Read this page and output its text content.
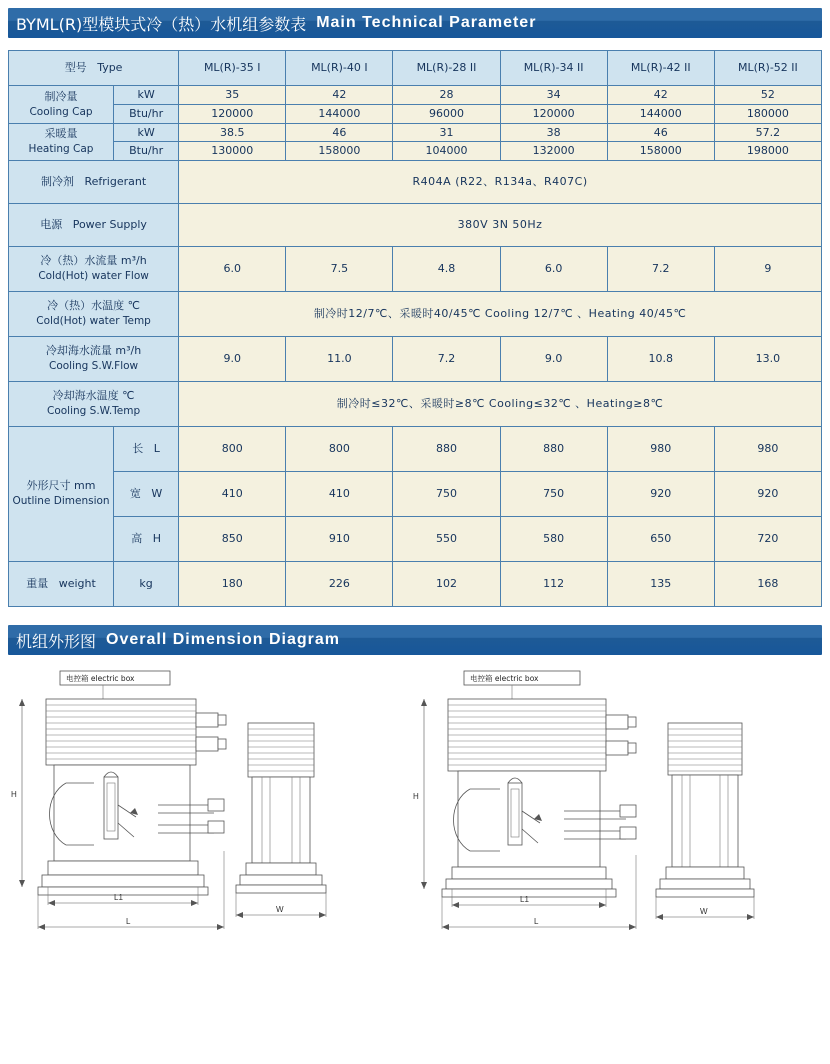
BYML(R)型模块式冷（热）水机组参数表 Main Technical Parameter
型号 Type		ML(R)-35 I	ML(R)-40 I	ML(R)-28 II	ML(R)-34 II	ML(R)-42 II	ML(R)-52 II

制冷量
Cooling Cap	kW	35	42	28	34	42	52
	Btu/hr	120000	144000	96000	120000	144000	180000

采暖量
Heating Cap	kW	38.5	46	31	38	46	57.2
	Btu/hr	130000	158000	104000	132000	158000	198000
制冷剂 Refrigerant		R404A (R22、R134a、R407C)					
电源 Power Supply		380V 3N 50Hz					

冷（热）水流量 m³/h
Cold(Hot) water Flow		6.0	7.5	4.8	6.0	7.2	9

冷（热）水温度 ℃
Cold(Hot) water Temp		制冷时12/7℃、采暖时40/45℃ Cooling 12/7℃ 、Heating 40/45℃					

冷却海水流量 m³/h
Cooling S.W.Flow		9.0	11.0	7.2	9.0	10.8	13.0

冷却海水温度 ℃
Cooling S.W.Temp		制冷时≤32℃、采暖时≥8℃ Cooling≤32℃ 、Heating≥8℃					

外形尺寸 mm
Outline Dimension	长 L	800	800	880	880	980	980
	宽 W	410	410	750	750	920	920
	高 H	850	910	550	580	650	720
重量 weight	kg	180	226	102	112	135	168
机组外形图 Overall Dimension Diagram
电控箱 electric box
H
L1
L
W
电控箱 electric box
H
L1
L
W
